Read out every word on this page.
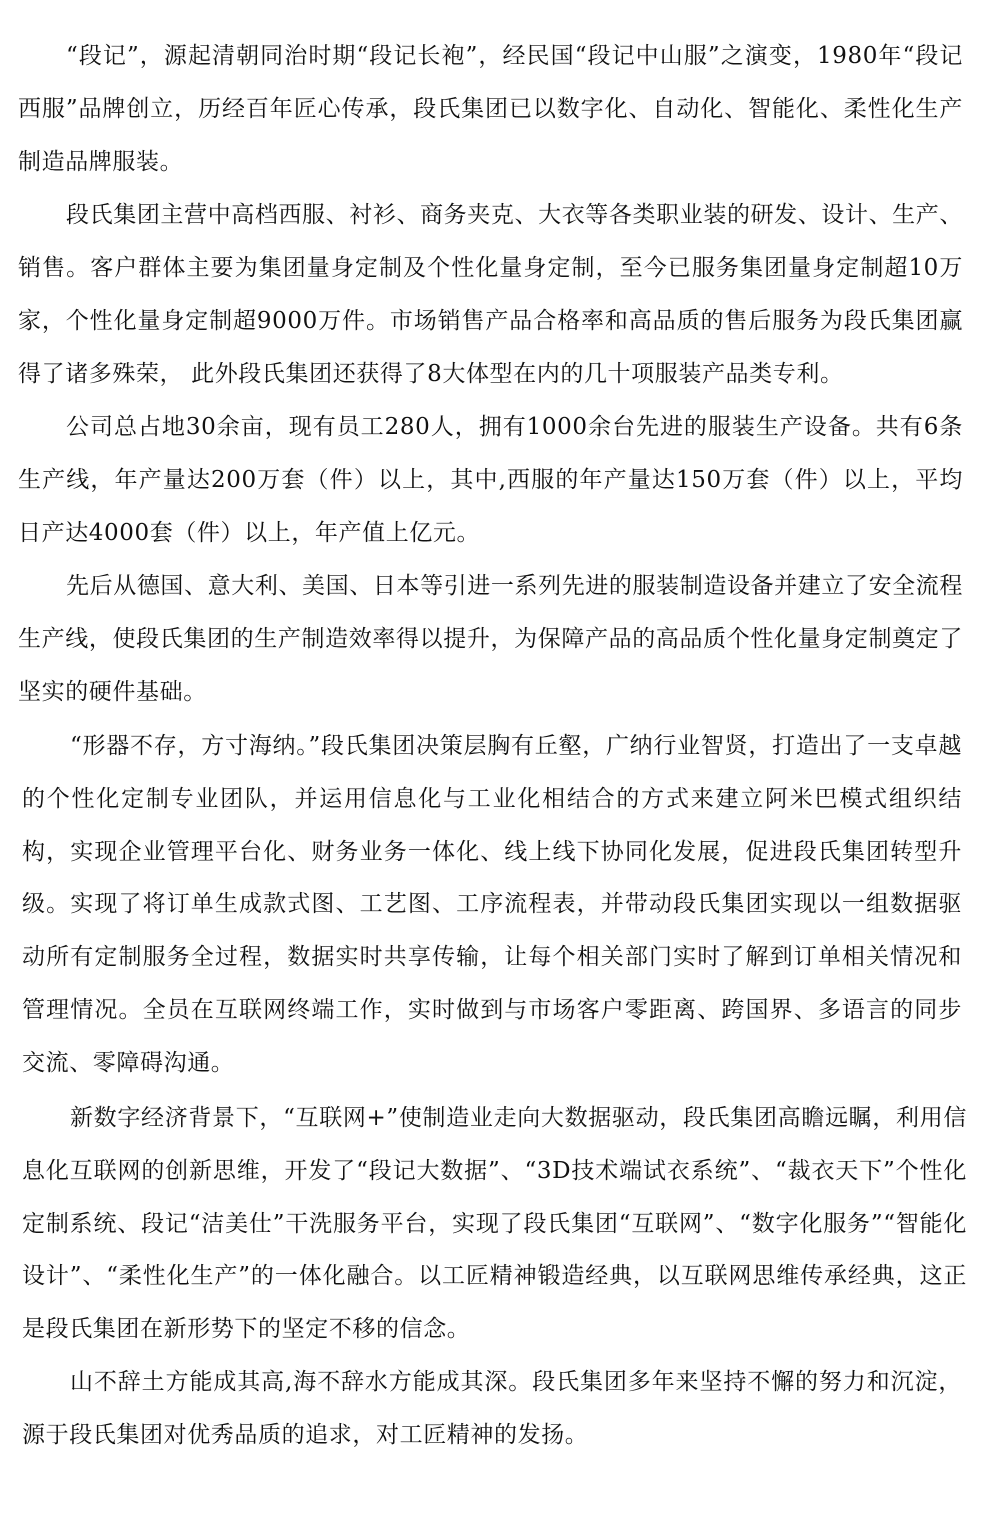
“段记”，源起清朝同治时期“段记长袍”，经民国“段记中山服”之演变，1980年“段记西服”品牌创立，历经百年匠心传承，段氏集团已以数字化、自动化、智能化、柔性化生产制造品牌服装。

段氏集团主营中高档西服、衬衫、商务夹克、大衣等各类职业装的研发、设计、生产、销售。客户群体主要为集团量身定制及个性化量身定制，至今已服务集团量身定制超10万家，个性化量身定制超9000万件。市场销售产品合格率和高品质的售后服务为段氏集团赢得了诸多殊荣， 此外段氏集团还获得了8大体型在内的几十项服装产品类专利。

公司总占地30余亩，现有员工280人，拥有1000余台先进的服装生产设备。共有6条生产线，年产量达200万套（件）以上，其中,西服的年产量达150万套（件）以上，平均日产达4000套（件）以上，年产值上亿元。

先后从德国、意大利、美国、日本等引进一系列先进的服装制造设备并建立了安全流程生产线，使段氏集团的生产制造效率得以提升，为保障产品的高品质个性化量身定制奠定了坚实的硬件基础。

“形器不存，方寸海纳。”段氏集团决策层胸有丘壑，广纳行业智贤，打造出了一支卓越的个性化定制专业团队，并运用信息化与工业化相结合的方式来建立阿米巴模式组织结构，实现企业管理平台化、财务业务一体化、线上线下协同化发展，促进段氏集团转型升级。实现了将订单生成款式图、工艺图、工序流程表，并带动段氏集团实现以一组数据驱动所有定制服务全过程，数据实时共享传输，让每个相关部门实时了解到订单相关情况和管理情况。全员在互联网终端工作，实时做到与市场客户零距离、跨国界、多语言的同步交流、零障碍沟通。

新数字经济背景下，“互联网+”使制造业走向大数据驱动，段氏集团高瞻远瞩，利用信息化互联网的创新思维，开发了“段记大数据”、“3D技术端试衣系统”、“裁衣天下”个性化定制系统、段记“洁美仕”干洗服务平台，实现了段氏集团“互联网”、“数字化服务”“智能化设计”、“柔性化生产”的一体化融合。以工匠精神锻造经典，以互联网思维传承经典，这正是段氏集团在新形势下的坚定不移的信念。

山不辞土方能成其高,海不辞水方能成其深。段氏集团多年来坚持不懈的努力和沉淀，源于段氏集团对优秀品质的追求，对工匠精神的发扬。
